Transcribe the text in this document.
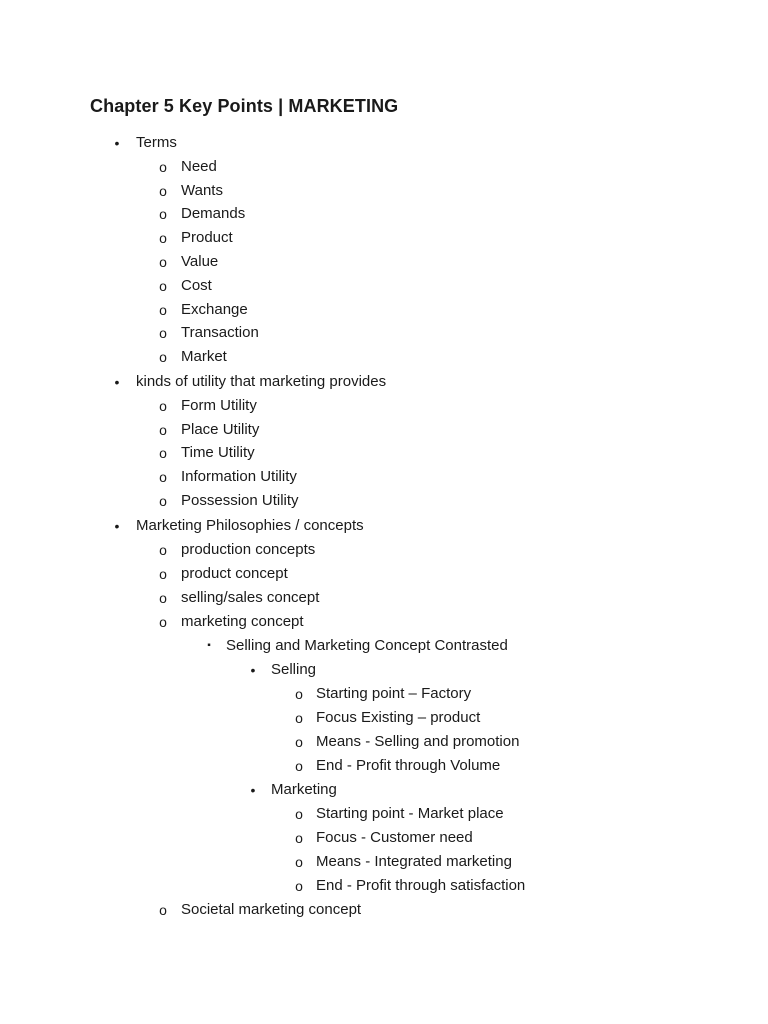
Chapter 5 Key Points | MARKETING
• Terms
o Need
o Wants
o Demands
o Product
o Value
o Cost
o Exchange
o Transaction
o Market
• kinds of utility that marketing provides
o Form Utility
o Place Utility
o Time Utility
o Information Utility
o Possession Utility
• Marketing Philosophies / concepts
o production concepts
o product concept
o selling/sales concept
o marketing concept
▪ Selling and Marketing Concept Contrasted
• Selling
o Starting point – Factory
o Focus Existing – product
o Means - Selling and promotion
o End - Profit through Volume
• Marketing
o Starting point - Market place
o Focus - Customer need
o Means - Integrated marketing
o End - Profit through satisfaction
o Societal marketing concept
